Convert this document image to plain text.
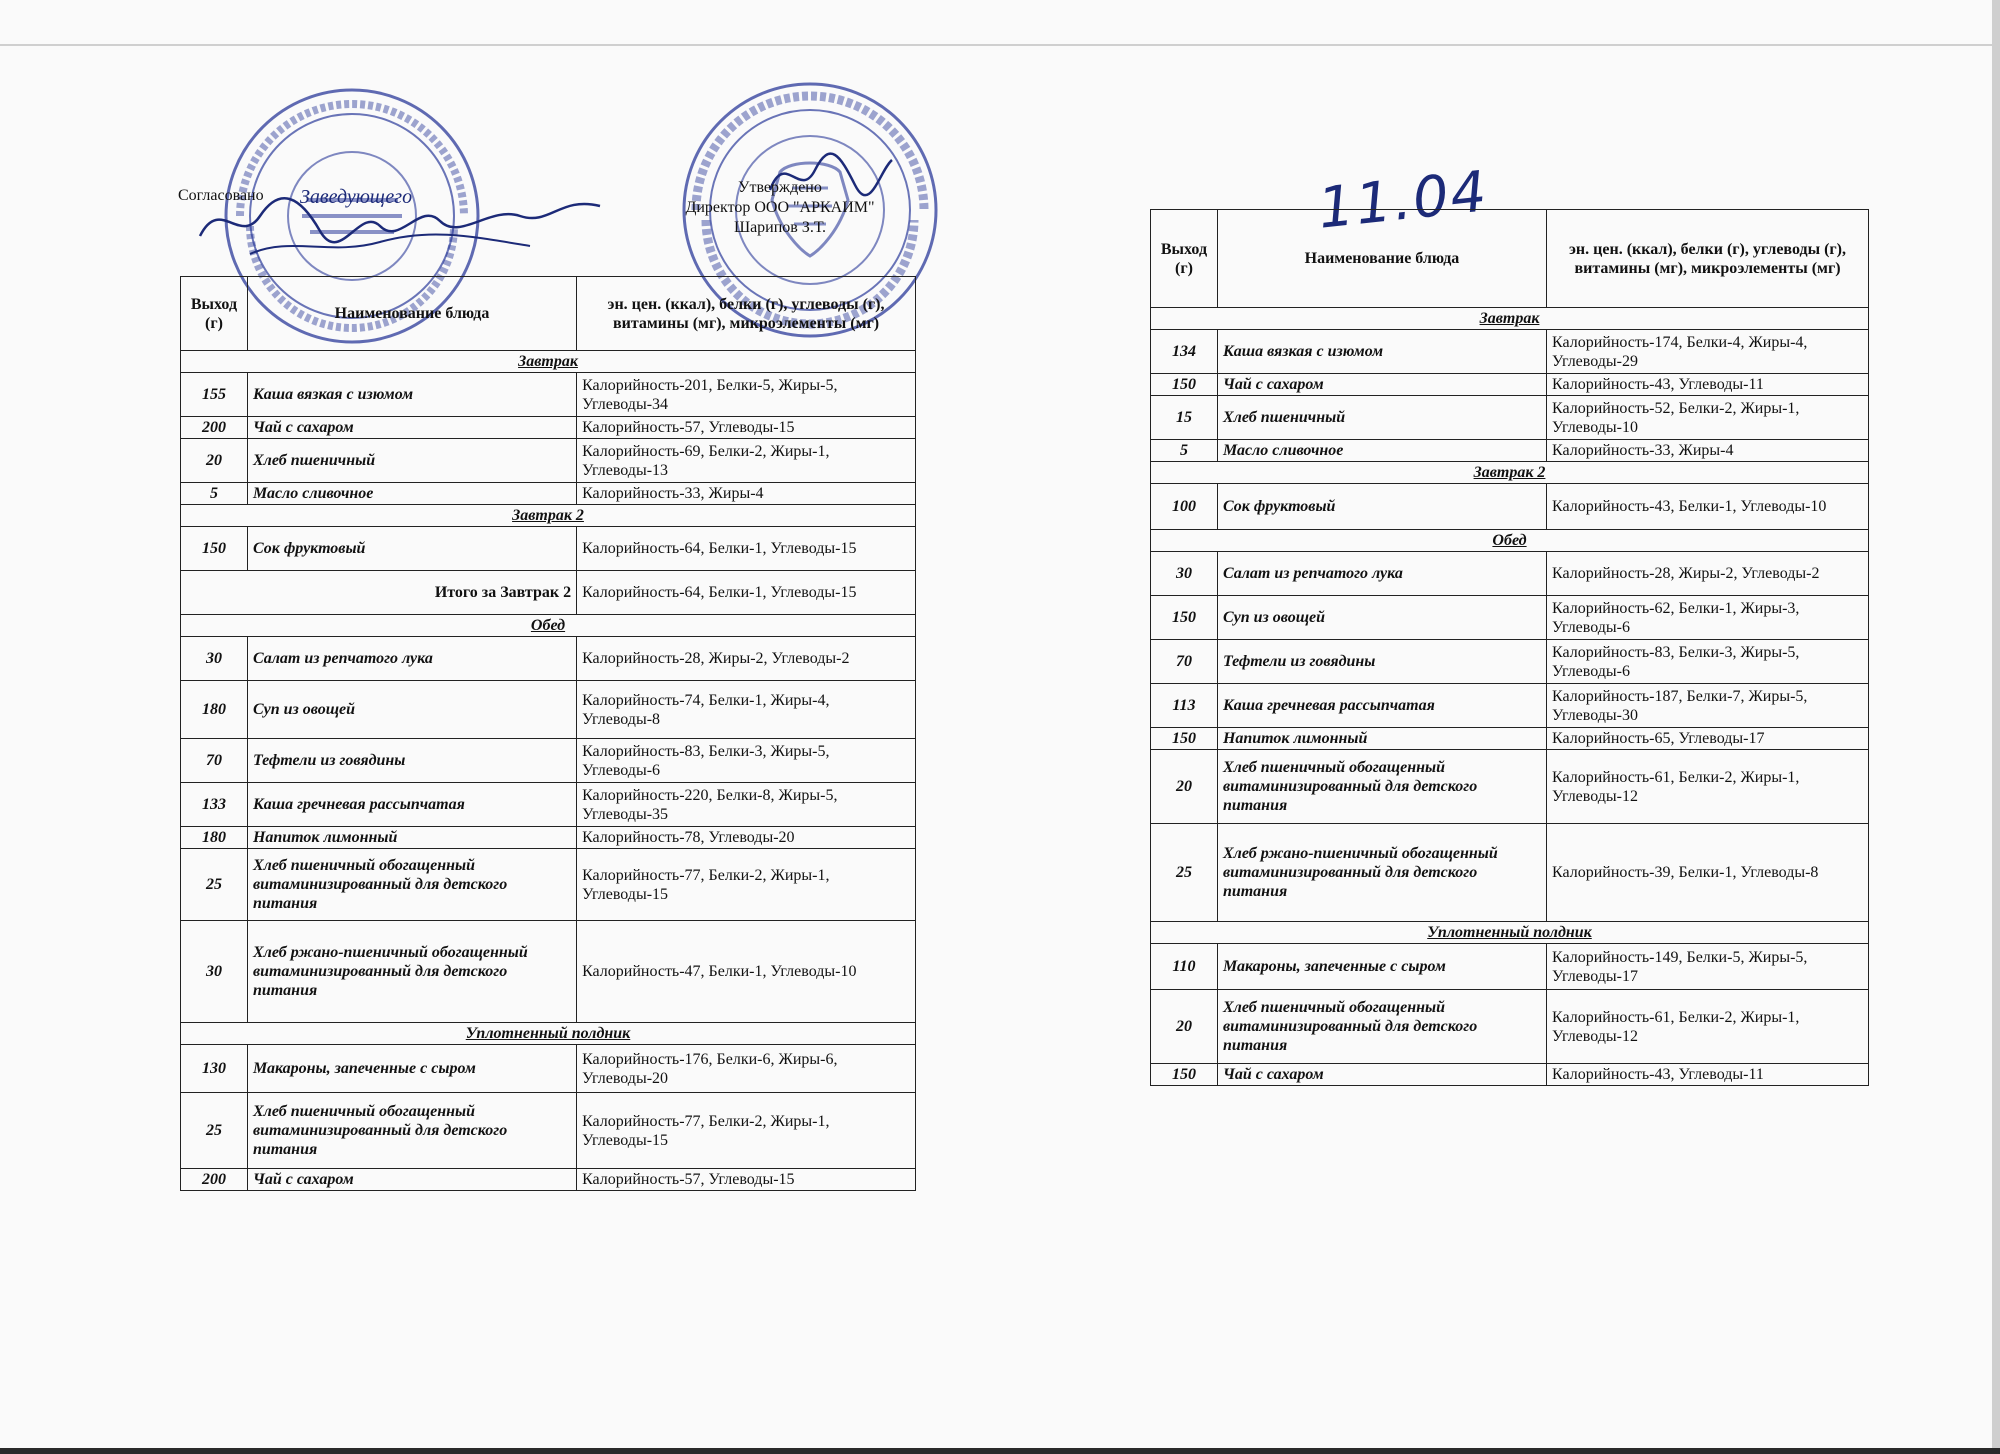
Согласовано Заведующего	Утверждено
Директор ООО "АРКАИМ"
Шарипов З.Т.	11.04
Выход (г)	Наименование блюда	эн. цен. (ккал), белки (г), углеводы (г),
витамины (мг), микроэлементы (мг)

Завтрак		
155	Каша вязкая с изюмом	Калорийность-201, Белки-5, Жиры-5, Углеводы-34
200	Чай с сахаром	Калорийность-57, Углеводы-15
20	Хлеб пшеничный	Калорийность-69, Белки-2, Жиры-1, Углеводы-13
5	Масло сливочное	Калорийность-33, Жиры-4
Завтрак 2		
150	Сок фруктовый	Калорийность-64, Белки-1, Углеводы-15
Итого за Завтрак 2		Калорийность-64, Белки-1, Углеводы-15
Обед		
30	Салат из репчатого лука	Калорийность-28, Жиры-2, Углеводы-2
180	Суп из овощей	Калорийность-74, Белки-1, Жиры-4, Углеводы-8
70	Тефтели из говядины	Калорийность-83, Белки-3, Жиры-5, Углеводы-6
133	Каша гречневая рассыпчатая	Калорийность-220, Белки-8, Жиры-5, Углеводы-35
180	Напиток лимонный	Калорийность-78, Углеводы-20
25	Хлеб пшеничный обогащенный витаминизированный для детского питания	Калорийность-77, Белки-2, Жиры-1, Углеводы-15
30	Хлеб ржано-пшеничный обогащенный витаминизированный для детского питания	Калорийность-47, Белки-1, Углеводы-10
Уплотненный полдник		
130	Макароны, запеченные с сыром	Калорийность-176, Белки-6, Жиры-6, Углеводы-20
25	Хлеб пшеничный обогащенный витаминизированный для детского питания	Калорийность-77, Белки-2, Жиры-1, Углеводы-15
200	Чай с сахаром	Калорийность-57, Углеводы-15
Выход (г)	Наименование блюда	эн. цен. (ккал), белки (г), углеводы (г),
витамины (мг), микроэлементы (мг)

Завтрак		
134	Каша вязкая с изюмом	Калорийность-174, Белки-4, Жиры-4, Углеводы-29
150	Чай с сахаром	Калорийность-43, Углеводы-11
15	Хлеб пшеничный	Калорийность-52, Белки-2, Жиры-1, Углеводы-10
5	Масло сливочное	Калорийность-33, Жиры-4
Завтрак 2		
100	Сок фруктовый	Калорийность-43, Белки-1, Углеводы-10
Обед		
30	Салат из репчатого лука	Калорийность-28, Жиры-2, Углеводы-2
150	Суп из овощей	Калорийность-62, Белки-1, Жиры-3, Углеводы-6
70	Тефтели из говядины	Калорийность-83, Белки-3, Жиры-5, Углеводы-6
113	Каша гречневая рассыпчатая	Калорийность-187, Белки-7, Жиры-5, Углеводы-30
150	Напиток лимонный	Калорийность-65, Углеводы-17
20	Хлеб пшеничный обогащенный витаминизированный для детского питания	Калорийность-61, Белки-2, Жиры-1, Углеводы-12
25	Хлеб ржано-пшеничный обогащенный витаминизированный для детского питания	Калорийность-39, Белки-1, Углеводы-8
Уплотненный полдник		
110	Макароны, запеченные с сыром	Калорийность-149, Белки-5, Жиры-5, Углеводы-17
20	Хлеб пшеничный обогащенный витаминизированный для детского питания	Калорийность-61, Белки-2, Жиры-1, Углеводы-12
150	Чай с сахаром	Калорийность-43, Углеводы-11
